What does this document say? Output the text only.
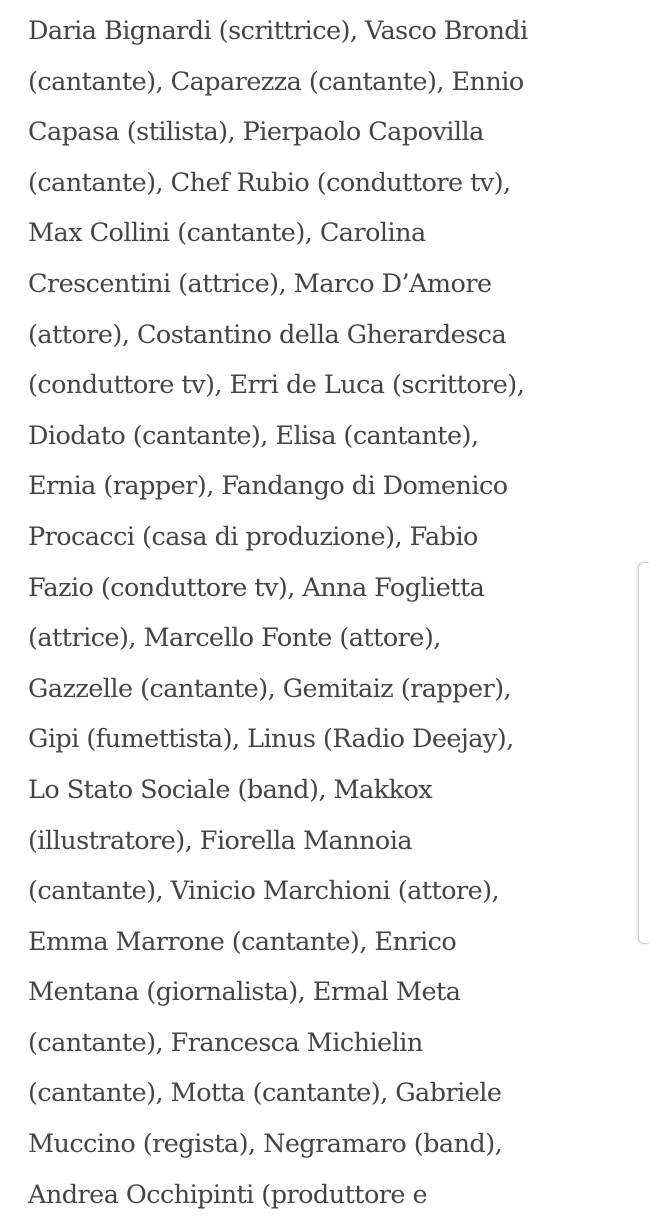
Daria Bignardi (scrittrice), Vasco Brondi
(cantante), Caparezza (cantante), Ennio
Capasa (stilista), Pierpaolo Capovilla
(cantante), Chef Rubio (conduttore tv),
Max Collini (cantante), Carolina
Crescentini (attrice), Marco D’Amore
(attore), Costantino della Gherardesca
(conduttore tv), Erri de Luca (scrittore),
Diodato (cantante), Elisa (cantante),
Ernia (rapper), Fandango di Domenico
Procacci (casa di produzione), Fabio
Fazio (conduttore tv), Anna Foglietta
(attrice), Marcello Fonte (attore),
Gazzelle (cantante), Gemitaiz (rapper),
Gipi (fumettista), Linus (Radio Deejay),
Lo Stato Sociale (band), Makkox
(illustratore), Fiorella Mannoia
(cantante), Vinicio Marchioni (attore),
Emma Marrone (cantante), Enrico
Mentana (giornalista), Ermal Meta
(cantante), Francesca Michielin
(cantante), Motta (cantante), Gabriele
Muccino (regista), Negramaro (band),
Andrea Occhipinti (produttore e
